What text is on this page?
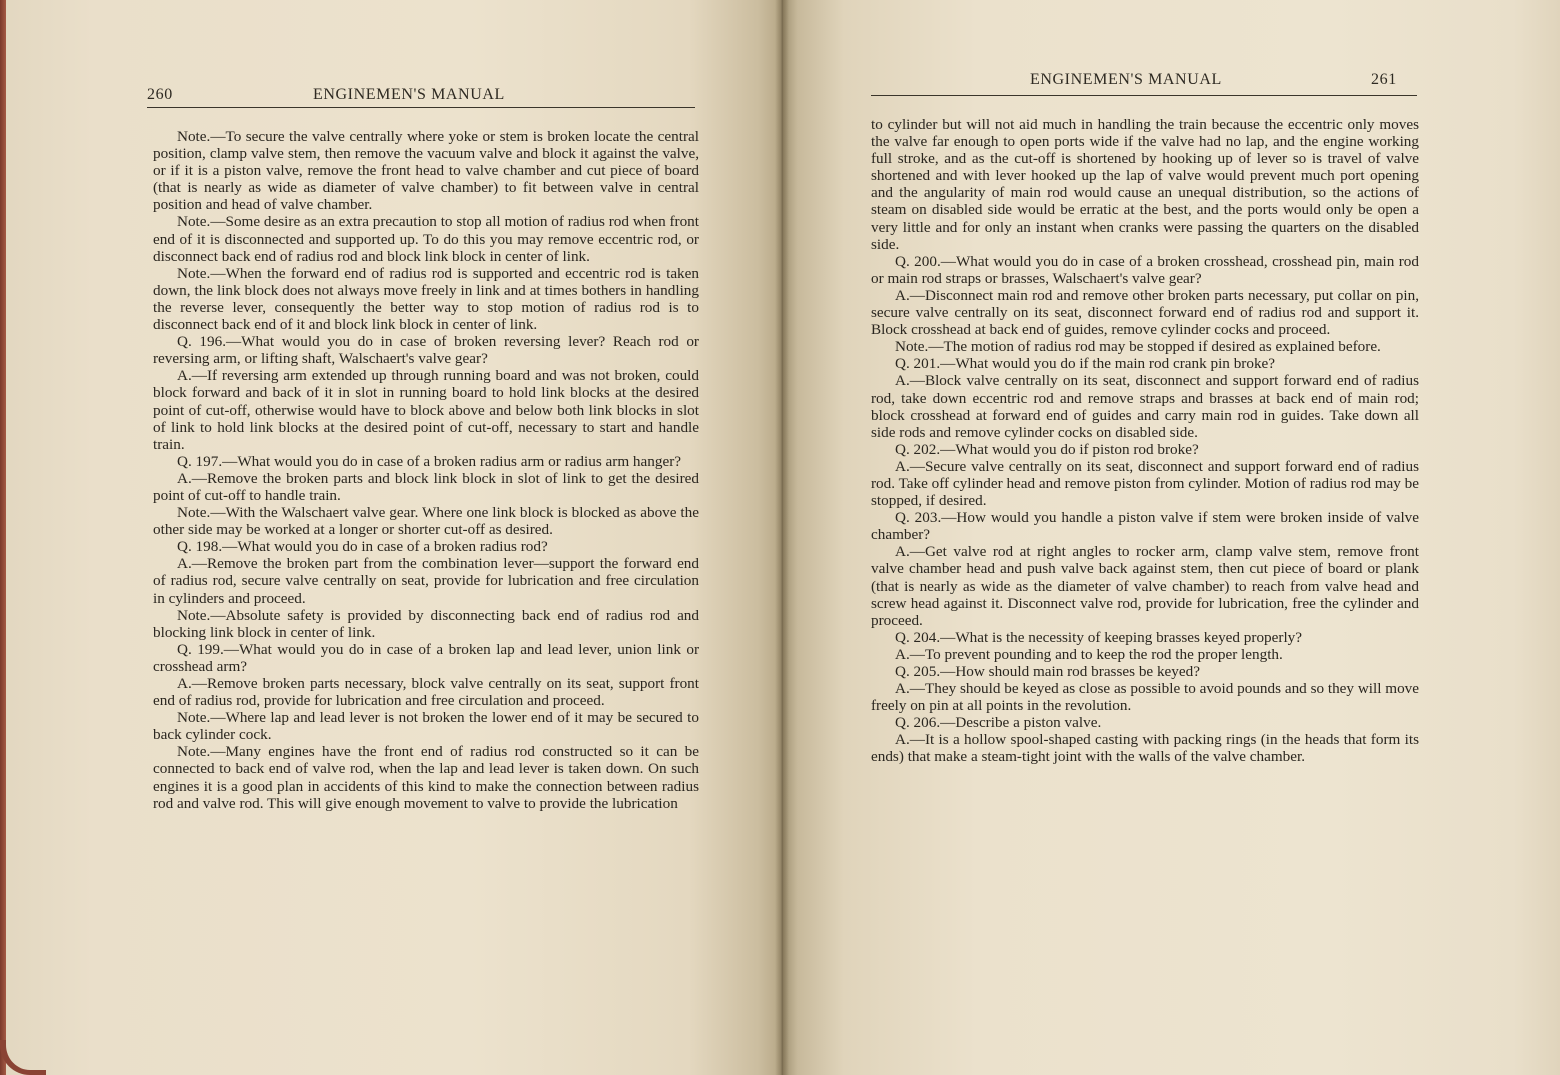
260	ENGINEMEN'S MANUAL

Note.—To secure the valve centrally where yoke or stem is broken locate the central position, clamp valve stem, then remove the vacuum valve and block it against the valve, or if it is a piston valve, remove the front head to valve chamber and cut piece of board (that is nearly as wide as diameter of valve chamber) to fit between valve in central position and head of valve chamber.

Note.—Some desire as an extra precaution to stop all motion of radius rod when front end of it is disconnected and supported up. To do this you may remove eccentric rod, or disconnect back end of radius rod and block link block in center of link.

Note.—When the forward end of radius rod is supported and eccentric rod is taken down, the link block does not always move freely in link and at times bothers in handling the reverse lever, consequently the better way to stop motion of radius rod is to disconnect back end of it and block link block in center of link.

Q. 196.—What would you do in case of broken reversing lever? Reach rod or reversing arm, or lifting shaft, Walschaert's valve gear?

A.—If reversing arm extended up through running board and was not broken, could block forward and back of it in slot in running board to hold link blocks at the desired point of cut-off, otherwise would have to block above and below both link blocks in slot of link to hold link blocks at the desired point of cut-off, necessary to start and handle train.

Q. 197.—What would you do in case of a broken radius arm or radius arm hanger?

A.—Remove the broken parts and block link block in slot of link to get the desired point of cut-off to handle train.

Note.—With the Walschaert valve gear. Where one link block is blocked as above the other side may be worked at a longer or shorter cut-off as desired.

Q. 198.—What would you do in case of a broken radius rod?

A.—Remove the broken part from the combination lever—support the forward end of radius rod, secure valve centrally on seat, provide for lubrication and free circulation in cylinders and proceed.

Note.—Absolute safety is provided by disconnecting back end of radius rod and blocking link block in center of link.

Q. 199.—What would you do in case of a broken lap and lead lever, union link or crosshead arm?

A.—Remove broken parts necessary, block valve centrally on its seat, support front end of radius rod, provide for lubrication and free circulation and proceed.

Note.—Where lap and lead lever is not broken the lower end of it may be secured to back cylinder cock.

Note.—Many engines have the front end of radius rod constructed so it can be connected to back end of valve rod, when the lap and lead lever is taken down. On such engines it is a good plan in accidents of this kind to make the connection between radius rod and valve rod. This will give enough movement to valve to provide the lubrication

ENGINEMEN'S MANUAL	261

to cylinder but will not aid much in handling the train because the eccentric only moves the valve far enough to open ports wide if the valve had no lap, and the engine working full stroke, and as the cut-off is shortened by hooking up of lever so is travel of valve shortened and with lever hooked up the lap of valve would prevent much port opening and the angularity of main rod would cause an unequal distribution, so the actions of steam on disabled side would be erratic at the best, and the ports would only be open a very little and for only an instant when cranks were passing the quarters on the disabled side.

Q. 200.—What would you do in case of a broken crosshead, crosshead pin, main rod or main rod straps or brasses, Walschaert's valve gear?

A.—Disconnect main rod and remove other broken parts necessary, put collar on pin, secure valve centrally on its seat, disconnect forward end of radius rod and support it. Block crosshead at back end of guides, remove cylinder cocks and proceed.

Note.—The motion of radius rod may be stopped if desired as explained before.

Q. 201.—What would you do if the main rod crank pin broke?

A.—Block valve centrally on its seat, disconnect and support forward end of radius rod, take down eccentric rod and remove straps and brasses at back end of main rod; block crosshead at forward end of guides and carry main rod in guides. Take down all side rods and remove cylinder cocks on disabled side.

Q. 202.—What would you do if piston rod broke?

A.—Secure valve centrally on its seat, disconnect and support forward end of radius rod. Take off cylinder head and remove piston from cylinder. Motion of radius rod may be stopped, if desired.

Q. 203.—How would you handle a piston valve if stem were broken inside of valve chamber?

A.—Get valve rod at right angles to rocker arm, clamp valve stem, remove front valve chamber head and push valve back against stem, then cut piece of board or plank (that is nearly as wide as the diameter of valve chamber) to reach from valve head and screw head against it. Disconnect valve rod, provide for lubrication, free the cylinder and proceed.

Q. 204.—What is the necessity of keeping brasses keyed properly?

A.—To prevent pounding and to keep the rod the proper length.

Q. 205.—How should main rod brasses be keyed?

A.—They should be keyed as close as possible to avoid pounds and so they will move freely on pin at all points in the revolution.

Q. 206.—Describe a piston valve.

A.—It is a hollow spool-shaped casting with packing rings (in the heads that form its ends) that make a steam-tight joint with the walls of the valve chamber.
